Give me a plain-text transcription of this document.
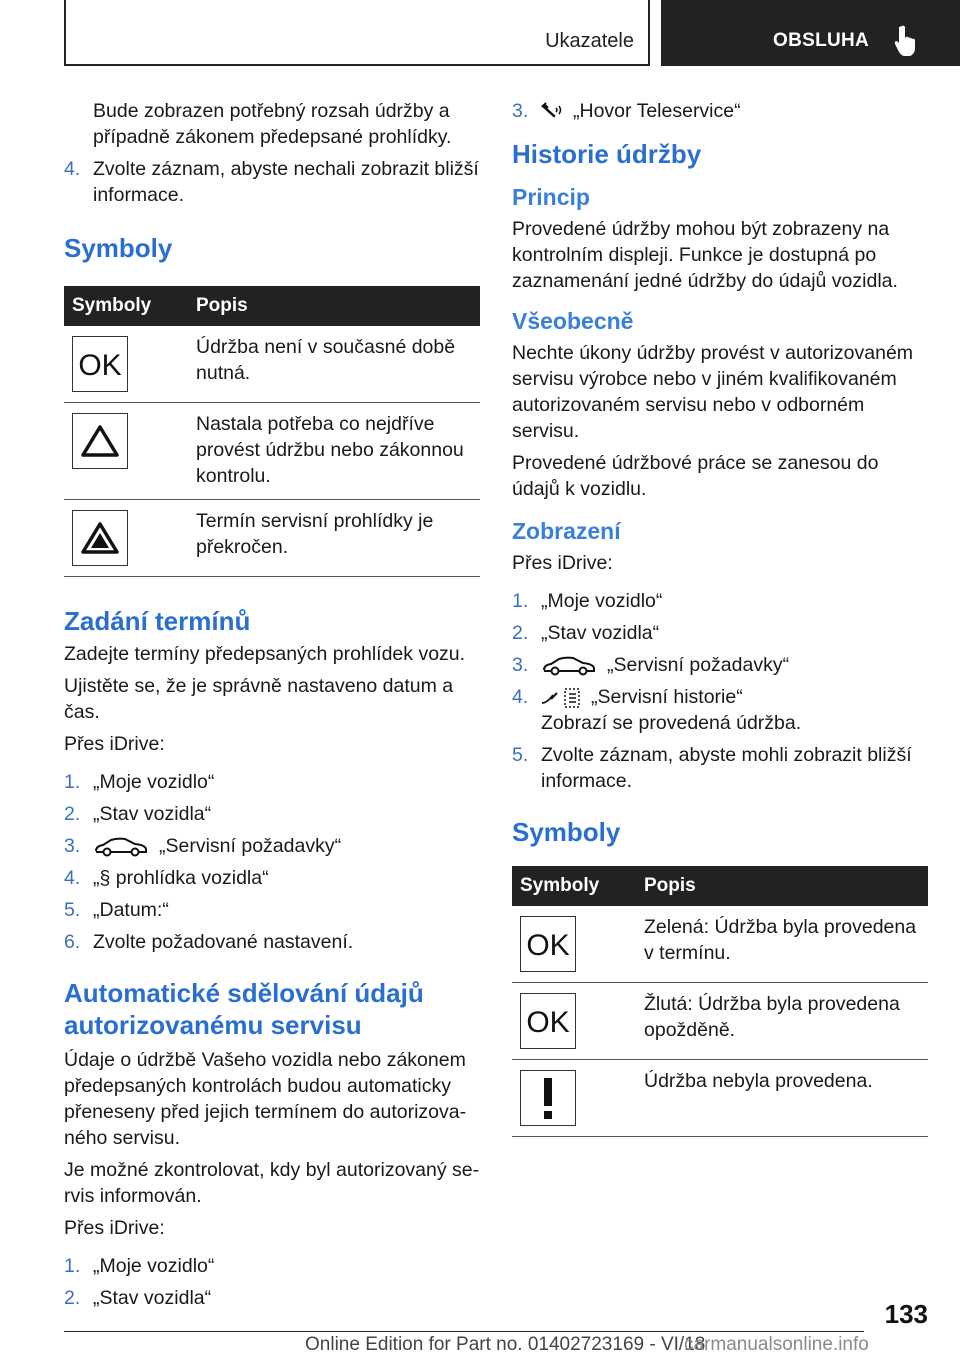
Ukazatele	OBSLUHA

Bude zobrazen potřebný rozsah údržby a případně zákonem předepsané prohlídky.

4. Zvolte záznam, abyste nechali zobrazit bližší informace.
Symboly
Symboly	Popis

OK	Údržba není v současné době nutná.

	Nastala potřeba co nejdříve provést údržbu nebo zákonnou kontrolu.

	Termín servisní prohlídky je překročen.
Zadání termínů

Zadejte termíny předepsaných prohlídek vozu.

Ujistěte se, že je správně nastaveno datum a čas.

Přes iDrive:

1. „Moje vozidlo“
2. „Stav vozidla“
3.	„Servisní požadavky“
4. „§ prohlídka vozidla“
5. „Datum:“
6. Zvolte požadované nastavení.
Automatické sdělování údajů autorizovanému servisu

Údaje o údržbě Vašeho vozidla nebo zákonem předepsaných kontrolách budou automaticky přeneseny před jejich termínem do autorizovaného servisu.

Je možné zkontrolovat, kdy byl autorizovaný servis informován.

Přes iDrive:

1. „Moje vozidlo“
2. „Stav vozidla“
3. „Hovor Teleservice“
Historie údržby
Princip

Provedené údržby mohou být zobrazeny na kontrolním displeji. Funkce je dostupná po zaznamenání jedné údržby do údajů vozidla.

Všeobecně

Nechte úkony údržby provést v autorizovaném servisu výrobce nebo v jiném kvalifikovaném autorizovaném servisu nebo v odborném servisu.

Provedené údržbové práce se zanesou do údajů k vozidlu.

Zobrazení

Přes iDrive:

1. „Moje vozidlo“
2. „Stav vozidla“
3.	„Servisní požadavky“
4.	„Servisní historie“
Zobrazí se provedená údržba.
5. Zvolte záznam, abyste mohli zobrazit bližší informace.
Symboly
Symboly	Popis

OK	Zelená: Údržba byla provedena v termínu.

OK	Žlutá: Údržba byla provedena opožděně.

	Údržba nebyla provedena.
133
Online Edition for Part no. 01402723169 - VI/18
carmanualsonline.info
